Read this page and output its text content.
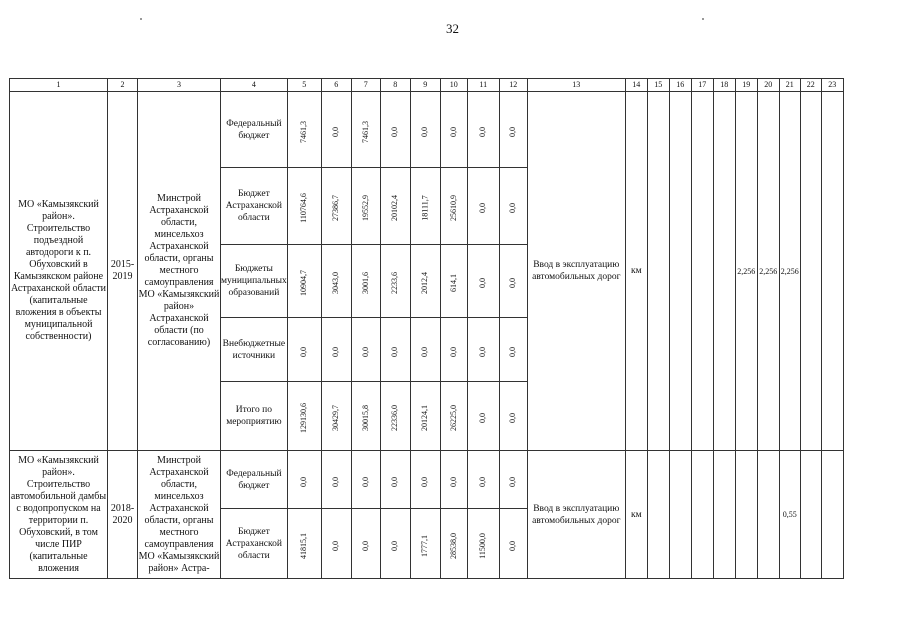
32
1	2	3	4	5	6	7	8	9	10	11	12	13	14	15	16	17	18	19	20	21	22	23
МО «Камызякский район». Строительство подъездной автодороги к п. Обуховский в Камызякском районе Астраханской области (капитальные вложения в объекты муниципальной собственности)	2015-2019	Минстрой Астраханской области, минсельхоз Астраханской области, органы местного самоуправления МО «Камызякский район» Астраханской области (по согласованию)	Федеральный бюджет	7461,3	0,0	7461,3	0,0	0,0	0,0	0,0	0,0	Ввод в эксплуатацию автомобильных дорог	км					2,256	2,256	2,256		
			Бюджет Астраханской области	110764,6	27386,7	19552,9	20102,4	18111,7	25610,9	0,0	0,0											
			Бюджеты муниципальных образований	10904,7	3043,0	3001,6	2233,6	2012,4	614,1	0,0	0,0											
			Внебюджетные источники	0,0	0,0	0,0	0,0	0,0	0,0	0,0	0,0											
			Итого по мероприятию	129130,6	30429,7	30015,8	22336,0	20124,1	26225,0	0,0	0,0											
МО «Камызякский район». Строительство автомобильной дамбы с водопропуском на территории п. Обуховский, в том числе ПИР (капитальные вложения	2018-2020	Минстрой Астраханской области, минсельхоз Астраханской области, органы местного самоуправления МО «Камызякский район» Астра-	Федеральный бюджет	0,0	0,0	0,0	0,0	0,0	0,0	0,0	0,0	Ввод в эксплуатацию автомобильных дорог	км							0,55		
			Бюджет Астраханской области	41815,1	0,0	0,0	0,0	1777,1	28538,0	11500,0	0,0											
